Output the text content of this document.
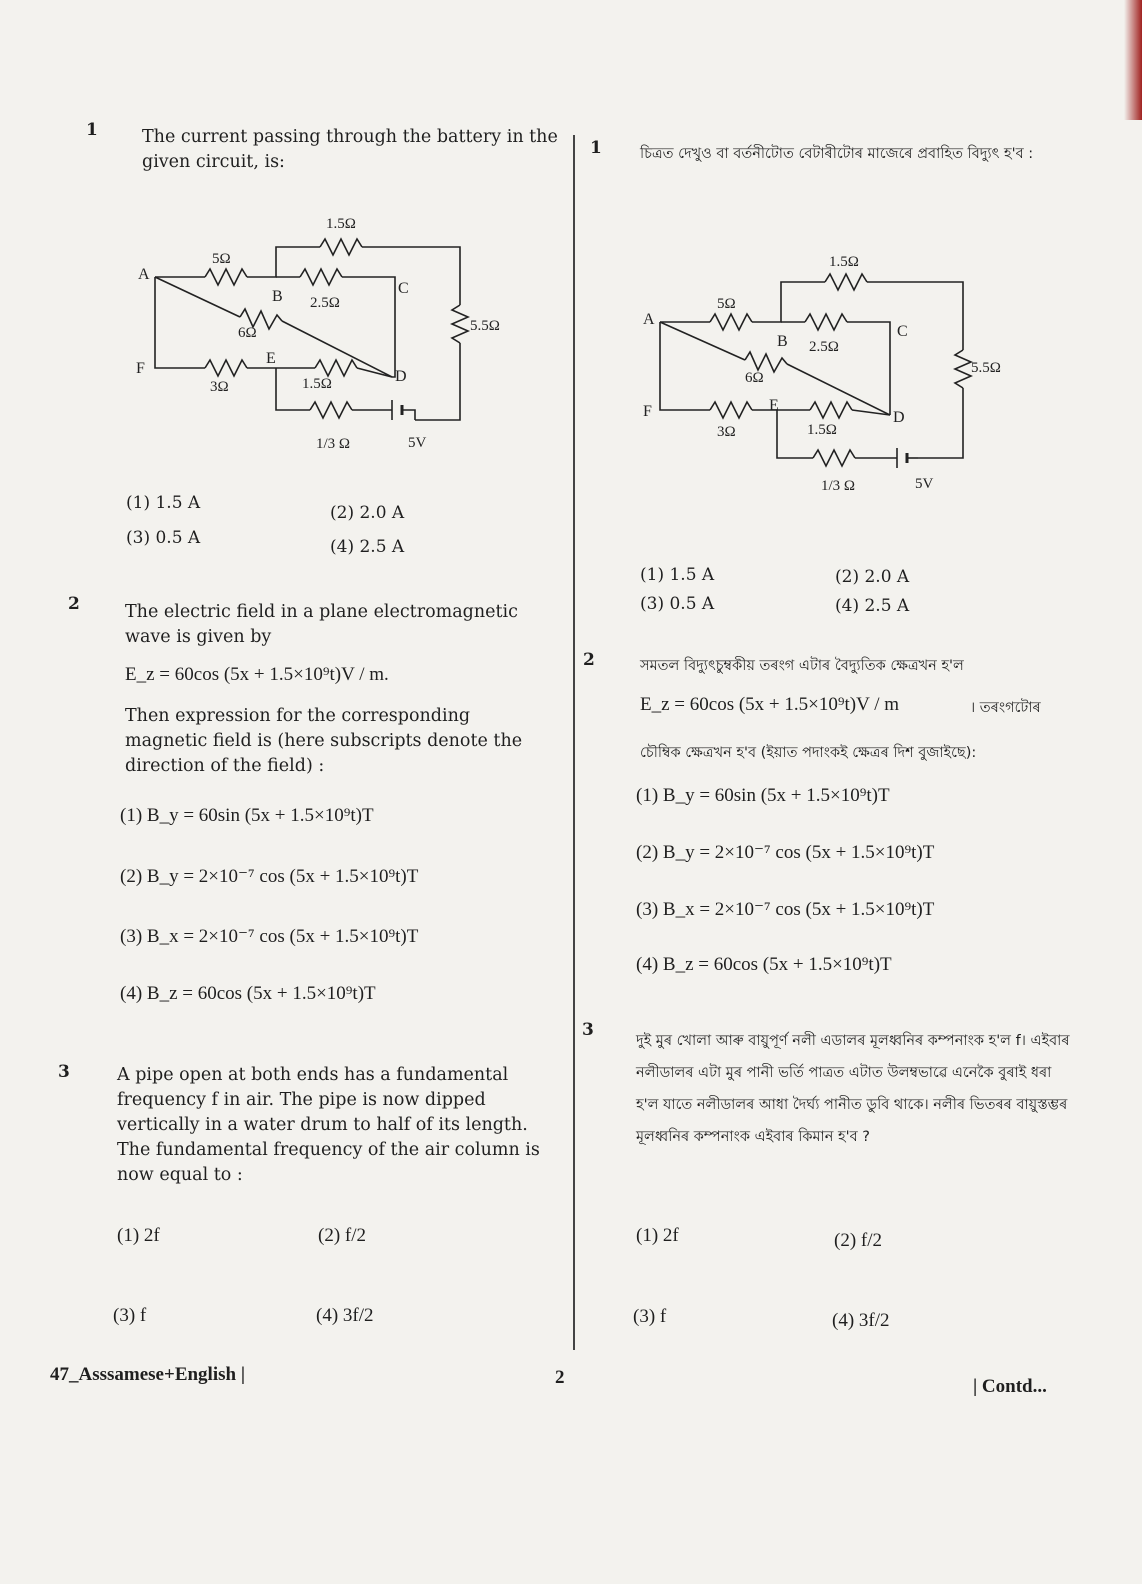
1	The current passing through the battery in the given circuit, is:
A
B	C
D
E
F
1.5Ω
5Ω
2.5Ω
5.5Ω
6Ω
3Ω	1.5Ω
1/3 Ω	5V
(1) 1.5 A	(2) 2.0 A
(3) 0.5 A	(4) 2.5 A
2	The electric field in a plane electromagnetic wave is given by
E_z = 60cos (5x + 1.5×10⁹t)V / m.
Then expression for the corresponding magnetic field is (here subscripts denote the direction of the field) :
(1) B_y = 60sin (5x + 1.5×10⁹t)T
(2) B_y = 2×10⁻⁷ cos (5x + 1.5×10⁹t)T
(3) B_x = 2×10⁻⁷ cos (5x + 1.5×10⁹t)T
(4) B_z = 60cos (5x + 1.5×10⁹t)T
3	A pipe open at both ends has a fundamental frequency f in air. The pipe is now dipped vertically in a water drum to half of its length. The fundamental frequency of the air column is now equal to :
(1) 2f	(2) f/2
(3) f	(4) 3f/2
1	চিত্ৰত দেখুও বা বৰ্তনীটোত বেটাৰীটোৰ মাজেৰে প্ৰবাহিত বিদ্যুৎ হ'ব :
A
B
C
D
E
F
1.5Ω
5Ω
2.5Ω
5.5Ω
6Ω
3Ω	1.5Ω
1/3 Ω	5V
(1) 1.5 A	(2) 2.0 A
(3) 0.5 A	(4) 2.5 A
2	সমতল বিদ্যুৎচুম্বকীয় তৰংগ এটাৰ বৈদ্যুতিক ক্ষেত্ৰখন হ'ল
E_z = 60cos (5x + 1.5×10⁹t)V / m	। তৰংগটোৰ
চৌম্বিক ক্ষেত্ৰখন হ'ব (ইয়াত পদাংকই ক্ষেত্ৰৰ দিশ বুজাইছে):
(1) B_y = 60sin (5x + 1.5×10⁹t)T
(2) B_y = 2×10⁻⁷ cos (5x + 1.5×10⁹t)T
(3) B_x = 2×10⁻⁷ cos (5x + 1.5×10⁹t)T
(4) B_z = 60cos (5x + 1.5×10⁹t)T
3
দুই মুৰ খোলা আৰু বায়ুপূৰ্ণ নলী এডালৰ মূলধ্বনিৰ কম্পনাংক হ'ল f। এইবাৰ নলীডালৰ এটা মুৰ পানী ভৰ্তি পাত্ৰত এটাত উলম্বভাৱে এনেকৈ বুৰাই ধৰা হ'ল যাতে নলীডালৰ আধা দৈৰ্ঘ্য পানীত ডুবি থাকে। নলীৰ ভিতৰৰ বায়ুস্তম্ভৰ মূলধ্বনিৰ কম্পনাংক এইবাৰ কিমান হ'ব ?
(1) 2f	(2) f/2
(3) f	(4) 3f/2
47_Asssamese+English |	2	| Contd...
